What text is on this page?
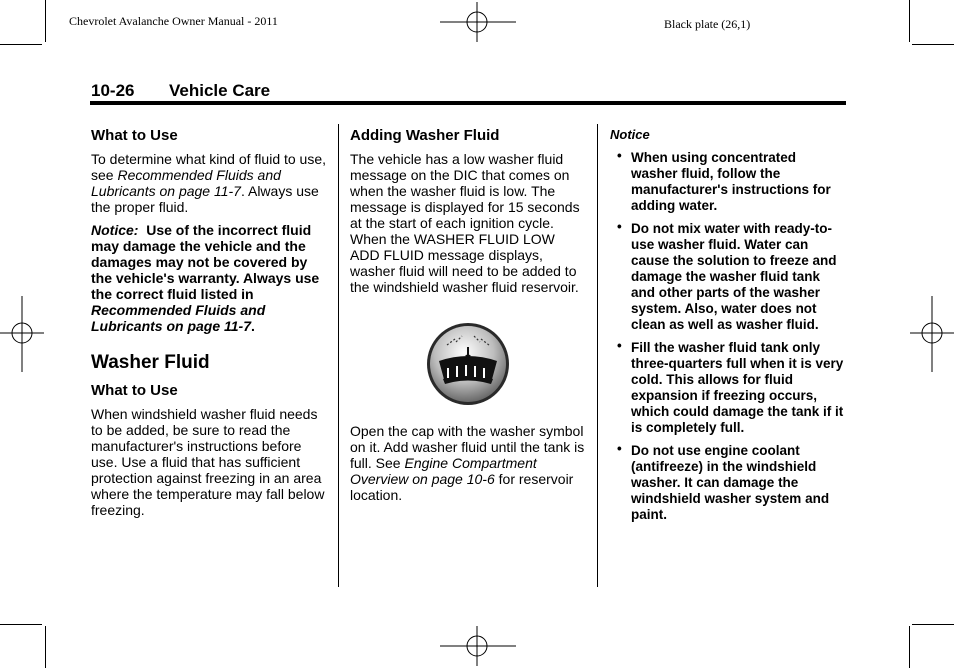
Chevrolet Avalanche Owner Manual - 2011	Black plate (26,1)
10-26 Vehicle Care
What to Use

To determine what kind of fluid to use, see Recommended Fluids and Lubricants on page 11-7. Always use the proper fluid.

Notice: Use of the incorrect fluid may damage the vehicle and the damages may not be covered by the vehicle's warranty. Always use the correct fluid listed in Recommended Fluids and Lubricants on page 11-7.

Washer Fluid
What to Use

When windshield washer fluid needs to be added, be sure to read the manufacturer's instructions before use. Use a fluid that has sufficient protection against freezing in an area where the temperature may fall below freezing.

Adding Washer Fluid

The vehicle has a low washer fluid message on the DIC that comes on when the washer fluid is low. The message is displayed for 15 seconds at the start of each ignition cycle. When the WASHER FLUID LOW ADD FLUID message displays, washer fluid will need to be added to the windshield washer fluid reservoir.

Open the cap with the washer symbol on it. Add washer fluid until the tank is full. See Engine Compartment Overview on page 10-6 for reservoir location.

Notice
• When using concentrated washer fluid, follow the manufacturer's instructions for adding water.
• Do not mix water with ready-to-use washer fluid. Water can cause the solution to freeze and damage the washer fluid tank and other parts of the washer system. Also, water does not clean as well as washer fluid.
• Fill the washer fluid tank only three-quarters full when it is very cold. This allows for fluid expansion if freezing occurs, which could damage the tank if it is completely full.
• Do not use engine coolant (antifreeze) in the windshield washer. It can damage the windshield washer system and paint.
